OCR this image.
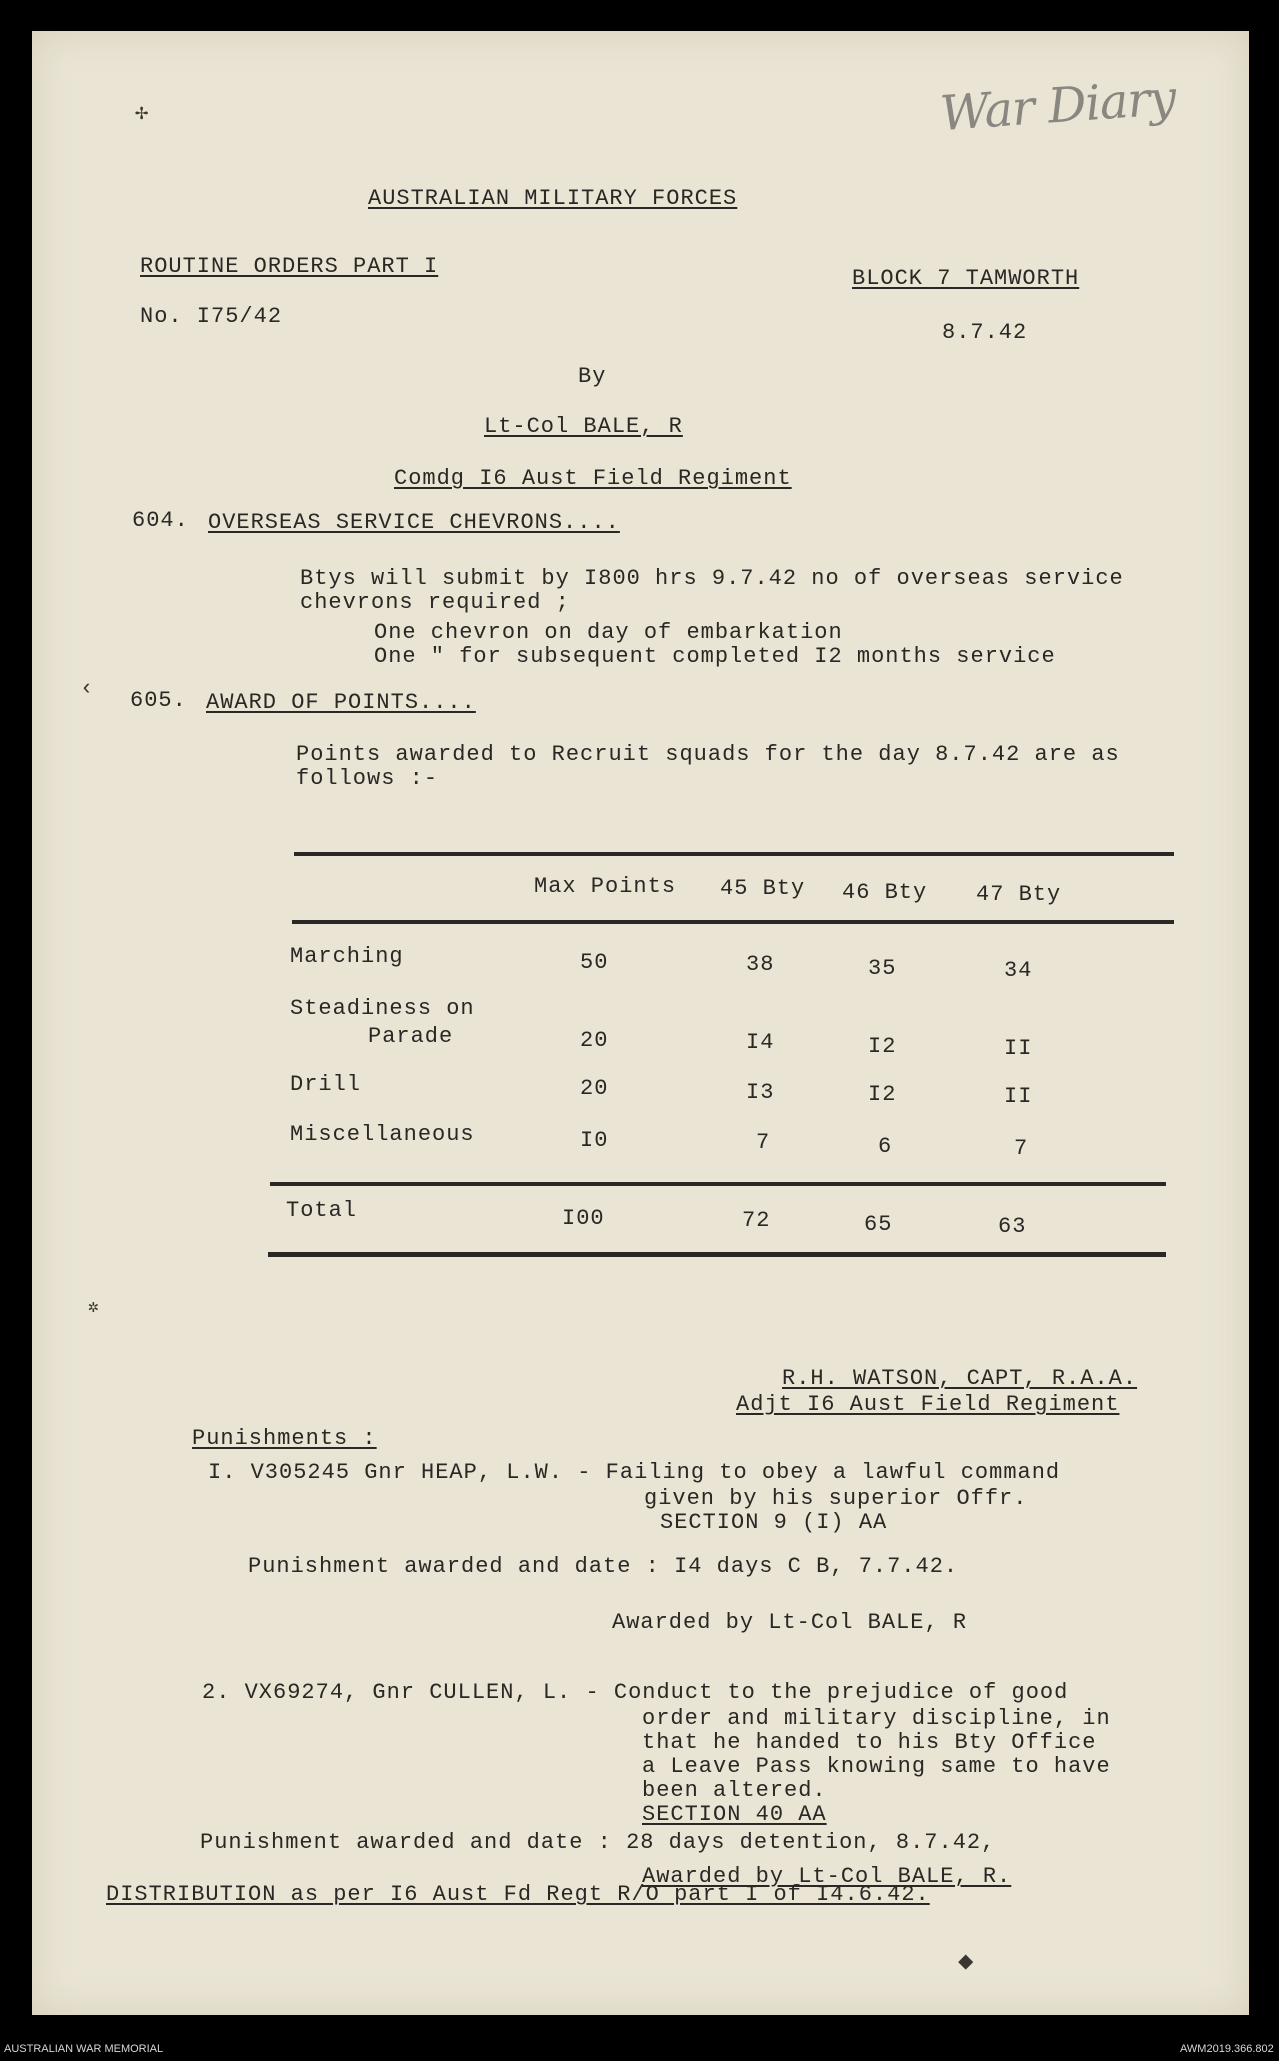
War Diary
✢
‹
✲
⬥
AUSTRALIAN MILITARY FORCES
ROUTINE ORDERS PART I
No. I75/42
BLOCK 7 TAMWORTH
8.7.42
By
Lt-Col BALE, R
Comdg I6 Aust Field Regiment
604. OVERSEAS SERVICE CHEVRONS....
Btys will submit by I800 hrs 9.7.42 no of overseas service
chevrons required ;
One chevron on day of embarkation
One " for subsequent completed I2 months service
605. AWARD OF POINTS....
Points awarded to Recruit squads for the day 8.7.42 are as
follows :-
Max Points 45 Bty 46 Bty 47 Bty
Marching	50	38	35	34
Steadiness on
Parade	20	I4	I2	II
Drill	20	I3	I2	II
Miscellaneous	I0	7	6	7
Total	I00	72	65	63
R.H. WATSON, CAPT, R.A.A.
Adjt I6 Aust Field Regiment
Punishments :
I. V305245 Gnr HEAP, L.W. - Failing to obey a lawful command
given by his superior Offr.
SECTION 9 (I) AA
Punishment awarded and date : I4 days C B, 7.7.42.
Awarded by Lt-Col BALE, R
2. VX69274, Gnr CULLEN, L. - Conduct to the prejudice of good
order and military discipline, in
that he handed to his Bty Office
a Leave Pass knowing same to have
been altered.
SECTION 40 AA
Punishment awarded and date : 28 days detention, 8.7.42,
Awarded by Lt-Col BALE, R.
DISTRIBUTION as per I6 Aust Fd Regt R/O part I of I4.6.42.
AUSTRALIAN WAR MEMORIAL	AWM2019.366.802
